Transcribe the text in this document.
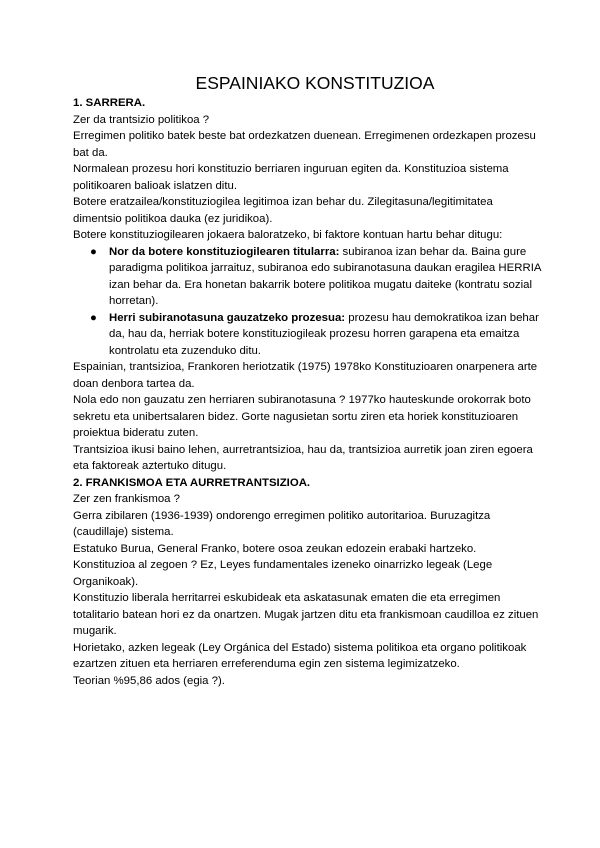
ESPAINIAKO KONSTITUZIOA
1. SARRERA.
Zer da trantsizio politikoa ?
Erregimen politiko batek beste bat ordezkatzen duenean. Erregimenen ordezkapen prozesu bat da.
Normalean prozesu hori konstituzio berriaren inguruan egiten da. Konstituzioa sistema politikoaren balioak islatzen ditu.
Botere eratzailea/konstituziogilea legitimoa izan behar du. Zilegitasuna/legitimitatea dimentsio politikoa dauka (ez juridikoa).
Botere konstituziogilearen jokaera baloratzeko, bi faktore kontuan hartu behar ditugu:
● Nor da botere konstituziogilearen titularra: subiranoa izan behar da. Baina gure paradigma politikoa jarraituz, subiranoa edo subiranotasuna daukan eragilea HERRIA izan behar da. Era honetan bakarrik botere politikoa mugatu daiteke (kontratu sozial horretan).
● Herri subiranotasuna gauzatzeko prozesua: prozesu hau demokratikoa izan behar da, hau da, herriak botere konstituziogileak prozesu horren garapena eta emaitza kontrolatu eta zuzenduko ditu.
Espainian, trantsizioa, Frankoren heriotzatik (1975) 1978ko Konstituzioaren onarpenera arte doan denbora tartea da.
Nola edo non gauzatu zen herriaren subiranotasuna ? 1977ko hauteskunde orokorrak boto sekretu eta unibertsalaren bidez. Gorte nagusietan sortu ziren eta horiek konstituzioaren proiektua bideratu zuten.
Trantsizioa ikusi baino lehen, aurretrantsizioa, hau da, trantsizioa aurretik joan ziren egoera eta faktoreak aztertuko ditugu.
2. FRANKISMOA ETA AURRETRANTSIZIOA.
Zer zen frankismoa ?
Gerra zibilaren (1936-1939) ondorengo erregimen politiko autoritarioa. Buruzagitza (caudillaje) sistema.
Estatuko Burua, General Franko, botere osoa zeukan edozein erabaki hartzeko.
Konstituzioa al zegoen ? Ez, Leyes fundamentales izeneko oinarrizko legeak (Lege Organikoak).
Konstituzio liberala herritarrei eskubideak eta askatasunak ematen die eta erregimen totalitario batean hori ez da onartzen. Mugak jartzen ditu eta frankismoan caudilloa ez zituen mugarik.
Horietako, azken legeak (Ley Orgánica del Estado) sistema politikoa eta organo politikoak ezartzen zituen eta herriaren erreferenduma egin zen sistema legimizatzeko.
Teorian %95,86 ados (egia ?).
